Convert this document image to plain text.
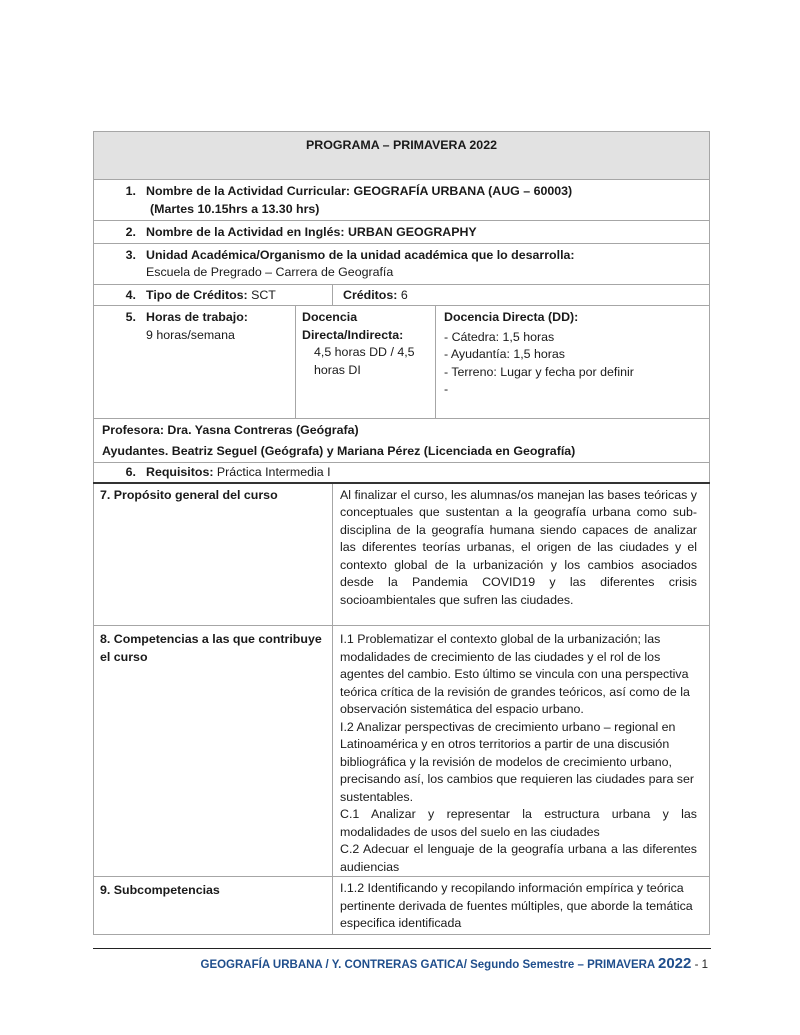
PROGRAMA – PRIMAVERA 2022			
1. Nombre de la Actividad Curricular: GEOGRAFÍA URBANA (AUG – 60003)
(Martes 10.15hrs a 13.30 hrs)			

2. Nombre de la Actividad en Inglés: URBAN GEOGRAPHY			
3. Unidad Académica/Organismo de la unidad académica que lo desarrolla:
Escuela de Pregrado – Carrera de Geografía			

4. Tipo de Créditos: SCT		Créditos: 6	
5. Horas de trabajo:
9 horas/semana

Docencia Directa/Indirecta:
4,5 horas DD / 4,5 horas DI

Docencia Directa (DD):
- Cátedra: 1,5 horas
- Ayudantía: 1,5 horas
- Terreno: Lugar y fecha por definir
-

Profesora: Dra. Yasna Contreras (Geógrafa)
Ayudantes. Beatriz Seguel (Geógrafa) y Mariana Pérez (Licenciada en Geografía)			

6. Requisitos: Práctica Intermedia I			
7. Propósito general del curso		Al finalizar el curso, les alumnas/os manejan las bases teóricas y conceptuales que sustentan a la geografía urbana como sub-disciplina de la geografía humana siendo capaces de analizar las diferentes teorías urbanas, el origen de las ciudades y el contexto global de la urbanización y los cambios asociados desde la Pandemia COVID19 y las diferentes crisis socioambientales que sufren las ciudades.	
8. Competencias a las que contribuye el curso		I.1 Problematizar el contexto global de la urbanización; las modalidades de crecimiento de las ciudades y el rol de los agentes del cambio. Esto último se vincula con una perspectiva teórica crítica de la revisión de grandes teóricos, así como de la observación sistemática del espacio urbano.
I.2 Analizar perspectivas de crecimiento urbano – regional en Latinoamérica y en otros territorios a partir de una discusión bibliográfica y la revisión de modelos de crecimiento urbano, precisando así, los cambios que requieren las ciudades para ser sustentables.
C.1 Analizar y representar la estructura urbana y las modalidades de usos del suelo en las ciudades
C.2 Adecuar el lenguaje de la geografía urbana a las diferentes audiencias	

9. Subcompetencias		I.1.2 Identificando y recopilando información empírica y teórica pertinente derivada de fuentes múltiples, que aborde la temática especifica identificada	
GEOGRAFÍA URBANA / Y. CONTRERAS GATICA/ Segundo Semestre – PRIMAVERA 2022 - 1
